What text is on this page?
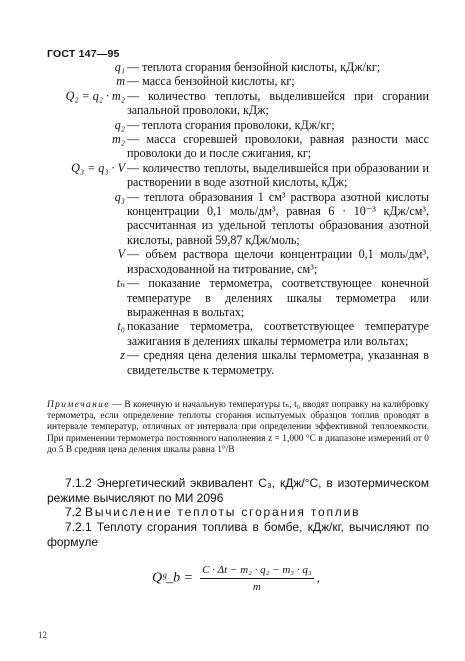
ГОСТ 147—95
q₁ — теплота сгорания бензойной кислоты, кДж/кг;
m — масса бензойной кислоты, кг;
Q₂ = q₂ · m₂ — количество теплоты, выделившейся при сгорании запальной проволоки, кДж;
q₂ — теплота сгорания проволоки, кДж/кг;
m₂ — масса сгоревшей проволоки, равная разности масс проволоки до и после сжигания, кг;
Q₃ = q₃ · V — количество теплоты, выделившейся при образовании и растворении в воде азотной кислоты, кДж;
q₃ — теплота образования 1 см³ раствора азотной кислоты концентрации 0,1 моль/дм³, равная 6 · 10⁻³ кДж/см³, рассчитанная из удельной теплоты образования азотной кислоты, равной 59,87 кДж/моль;
V — объем раствора щелочи концентрации 0,1 моль/дм³, израсходованной на титрование, см³;
tₙ — показание термометра, соответствующее конечной температуре в делениях шкалы термометра или выраженная в вольтах;
t₀ показание термометра, соответствующее температуре зажигания в делениях шкалы термометра или вольтах;
z — средняя цена деления шкалы термометра, указанная в свидетельстве к термометру.
Примечание — В конечную и начальную температуры tₙ, t₀ вводят поправку на калибровку термометра, если определение теплоты сгорания испытуемых образцов топлив проводят в интервале температур, отличных от интервала при определении эффективной теплоемкости. При применении термометра постоянного наполнения z = 1,000 °С в диапазоне измерений от 0 до 5 В средняя цена деления шкалы равна 1°/В
7.1.2 Энергетический эквивалент C₃, кДж/°С, в изотермическом режиме вычисляют по МИ 2096
7.2 Вычисление теплоты сгорания топлив
7.2.1 Теплоту сгорания топлива в бомбе, кДж/кг, вычисляют по формуле
Qᵍ_b = $\frac{\text{C · Δt − m₂ · q₂ − m₃ · q₃}}{m}$ ,
12
